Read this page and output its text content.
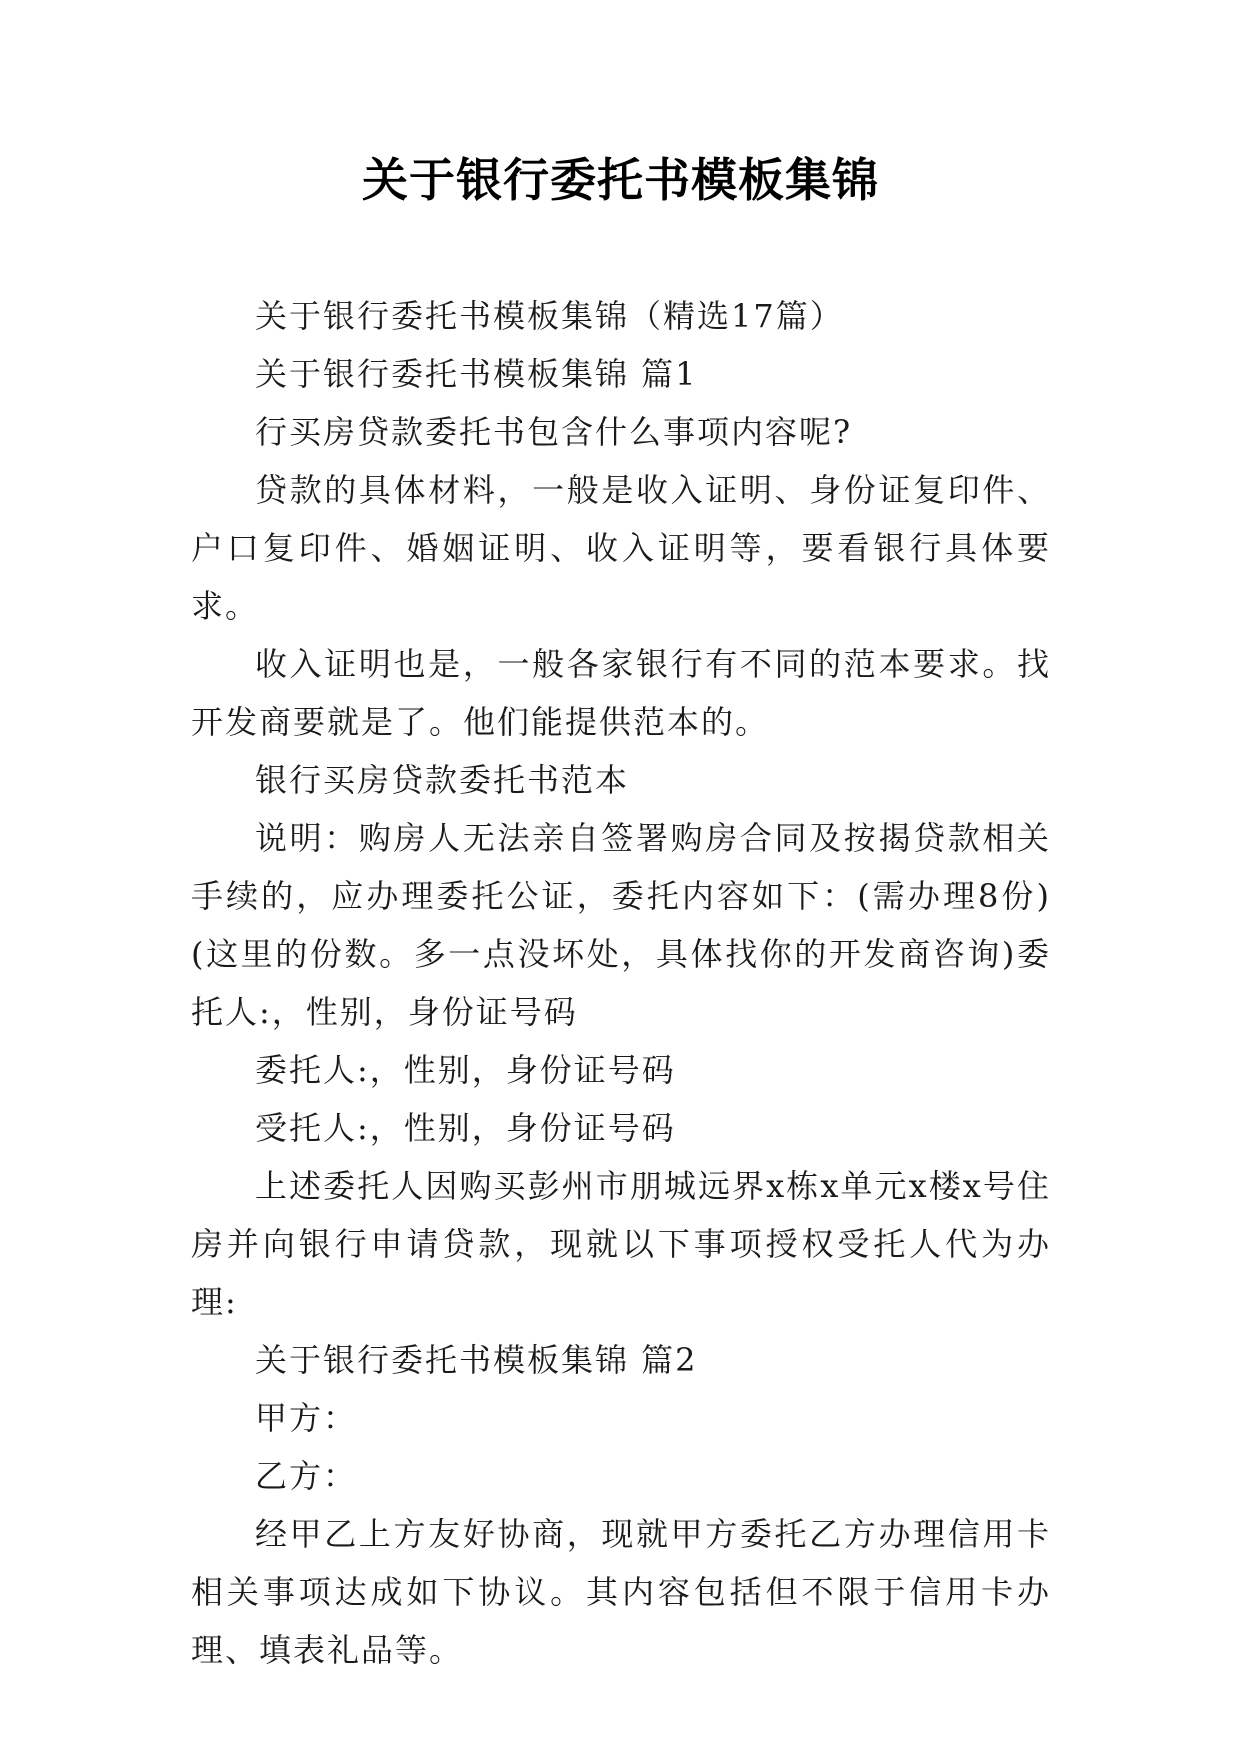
关于银行委托书模板集锦

关于银行委托书模板集锦（精选17篇）

关于银行委托书模板集锦 篇1

行买房贷款委托书包含什么事项内容呢?

贷款的具体材料，一般是收入证明、身份证复印件、户口复印件、婚姻证明、收入证明等，要看银行具体要求。

收入证明也是，一般各家银行有不同的范本要求。找开发商要就是了。他们能提供范本的。

银行买房贷款委托书范本

说明：购房人无法亲自签署购房合同及按揭贷款相关手续的，应办理委托公证，委托内容如下：(需办理8份)(这里的份数。多一点没坏处，具体找你的开发商咨询)委托人:，性别，身份证号码

委托人:，性别，身份证号码

受托人:，性别，身份证号码

上述委托人因购买彭州市朋城远界x栋x单元x楼x号住房并向银行申请贷款，现就以下事项授权受托人代为办理:

关于银行委托书模板集锦 篇2

甲方：

乙方：

经甲乙上方友好协商，现就甲方委托乙方办理信用卡相关事项达成如下协议。其内容包括但不限于信用卡办理、填表礼品等。
